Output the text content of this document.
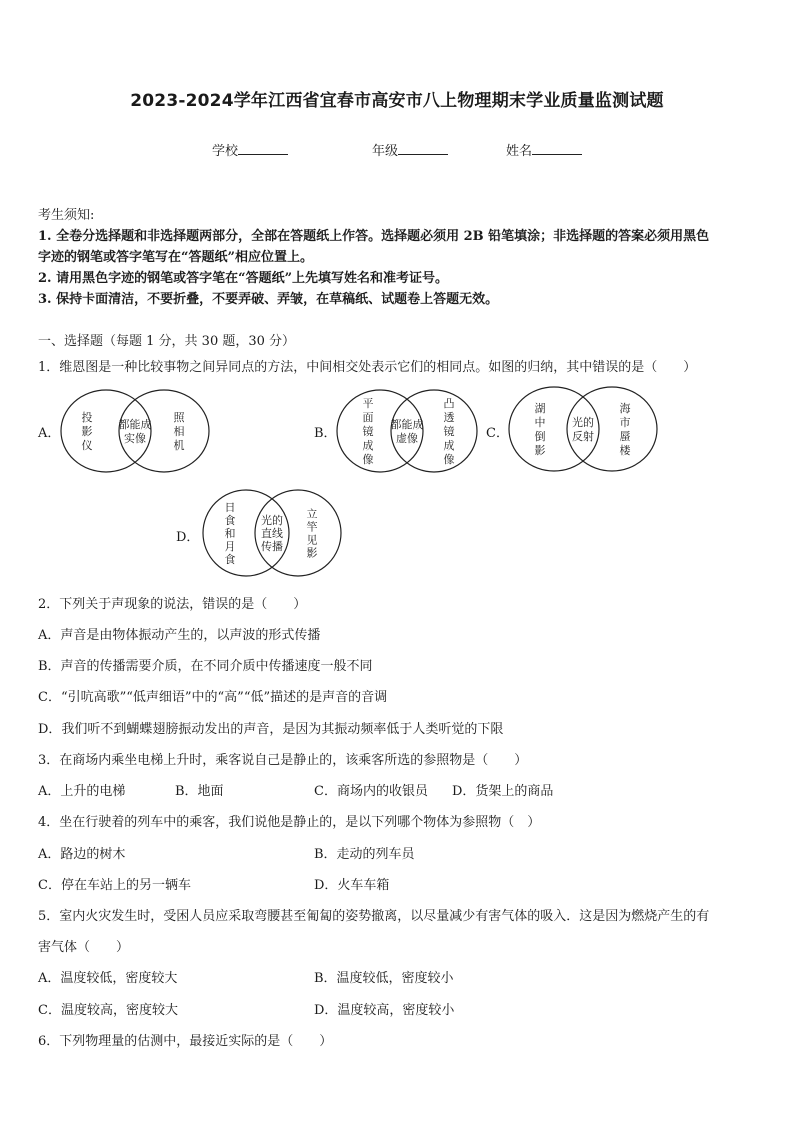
2023-2024学年江西省宜春市高安市八上物理期末学业质量监测试题
学校	年级	姓名
考生须知:
1. 全卷分选择题和非选择题两部分，全部在答题纸上作答。选择题必须用 2B 铅笔填涂；非选择题的答案必须用黑色
字迹的钢笔或答字笔写在“答题纸”相应位置上。
2. 请用黑色字迹的钢笔或答字笔在“答题纸”上先填写姓名和准考证号。
3. 保持卡面清洁，不要折叠，不要弄破、弄皱，在草稿纸、试题卷上答题无效。
一、选择题（每题 1 分，共 30 题，30 分）
1．维恩图是一种比较事物之间异同点的方法，中间相交处表示它们的相同点。如图的归纳，其中错误的是（　　）
A．	B．	C．
D．
投
影
仪
都能成
实像
照
相
机
平
面
镜
成
像
都能成
虚像
凸
透
镜
成
像
湖
中
倒
影
光的
反射
海
市
蜃
楼
日
食
和
月
食
光的
直线
传播
立
竿
见
影
2．下列关于声现象的说法，错误的是（　　）
A．声音是由物体振动产生的，以声波的形式传播
B．声音的传播需要介质，在不同介质中传播速度一般不同
C．“引吭高歌”“低声细语”中的“高”“低”描述的是声音的音调
D．我们听不到蝴蝶翅膀振动发出的声音，是因为其振动频率低于人类听觉的下限
3．在商场内乘坐电梯上升时，乘客说自己是静止的，该乘客所选的参照物是（　　）
A．上升的电梯	B．地面	C．商场内的收银员 D．货架上的商品
4．坐在行驶着的列车中的乘客，我们说他是静止的，是以下列哪个物体为参照物（　）
A．路边的树木	B．走动的列车员
C．停在车站上的另一辆车	D．火车车箱
5．室内火灾发生时，受困人员应采取弯腰甚至匍匐的姿势撤离，以尽量减少有害气体的吸入．这是因为燃烧产生的有
害气体（　　）
A．温度较低，密度较大	B．温度较低，密度较小
C．温度较高，密度较大	D．温度较高，密度较小
6．下列物理量的估测中，最接近实际的是（　　）
